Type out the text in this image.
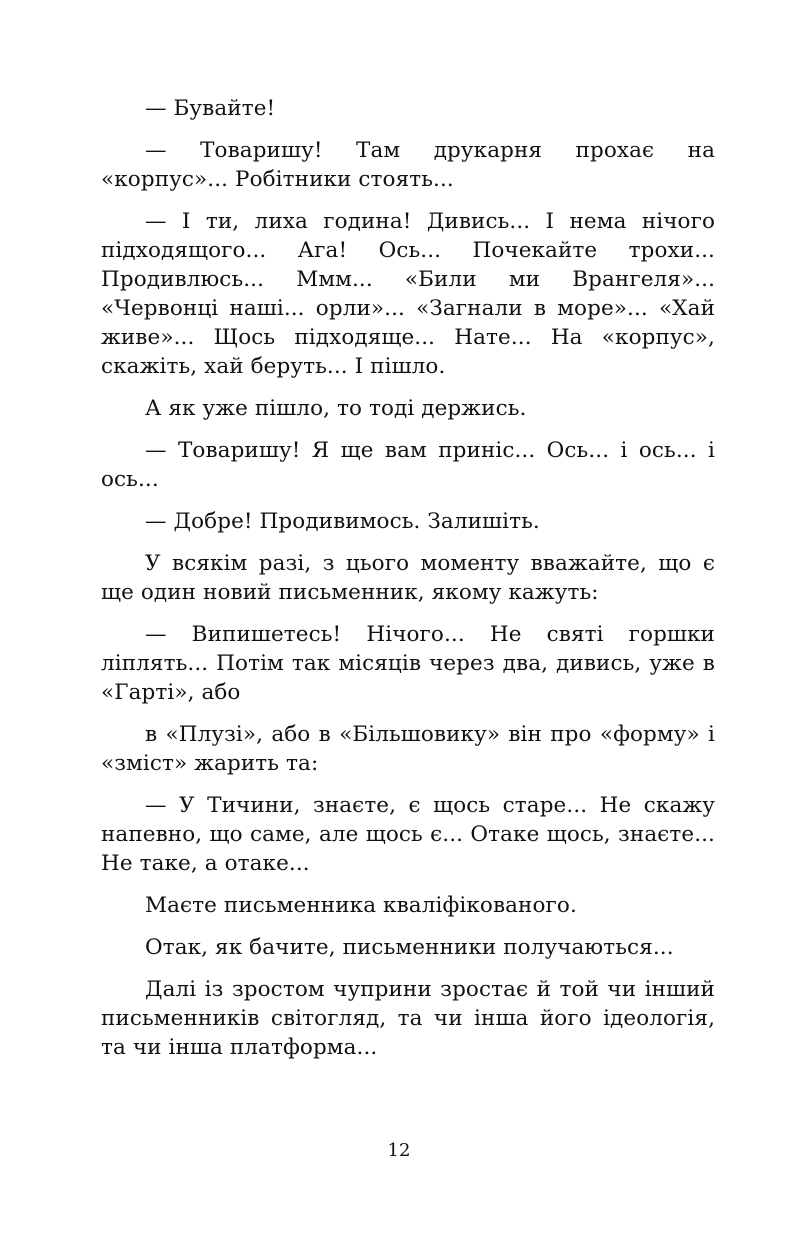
— Бувайте!

— Товаришу! Там друкарня прохає на «корпус»... Робітники стоять...

— І ти, лиха година! Дивись... І нема нічого підходящого... Ага! Ось... Почекайте трохи... Продивлюсь... Ммм... «Били ми Врангеля»... «Червонці наші... орли»... «Загнали в море»... «Хай живе»... Щось підходяще... Нате... На «корпус», скажіть, хай беруть... І пішло.

А як уже пішло, то тоді держись.

— Товаришу! Я ще вам приніс... Ось... і ось... і ось...

— Добре! Продивимось. Залишіть.

У всякім разі, з цього моменту вважайте, що є ще один новий письменник, якому кажуть:

— Випишетесь! Нічого... Не святі горшки ліплять... Потім так місяців через два, дивись, уже в «Гарті», або

в «Плузі», або в «Більшовику» він про «форму» і «зміст» жарить та:

— У Тичини, знаєте, є щось старе... Не скажу напевно, що саме, але щось є... Отаке щось, знаєте... Не таке, а отаке...

Маєте письменника кваліфікованого.

Отак, як бачите, письменники получаються...

Далі із зростом чуприни зростає й той чи інший письменників світогляд, та чи інша його ідеологія, та чи інша платформа...

12
